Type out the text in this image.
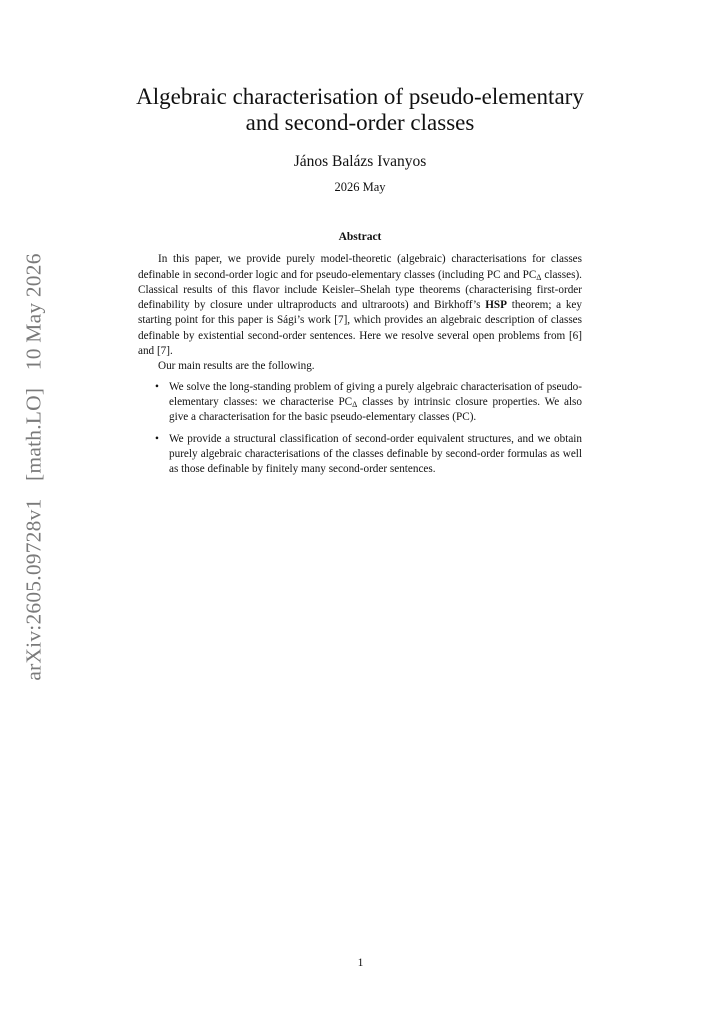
arXiv:2605.09728v1 [math.LO] 10 May 2026
Algebraic characterisation of pseudo-elementary
and second-order classes
János Balázs Ivanyos
2026 May
Abstract

In this paper, we provide purely model-theoretic (algebraic) characterisations for classes definable in second-order logic and for pseudo-elementary classes (including PC and $PC_\Delta$ classes). Classical results of this flavor include Keisler–Shelah type theorems (characterising first-order definability by closure under ultraproducts and ultraroots) and Birkhoff’s HSP theorem; a key starting point for this paper is Sági’s work [7], which provides an algebraic description of classes definable by existential second-order sentences. Here we resolve several open problems from [6] and [7].

Our main results are the following.

• We solve the long-standing problem of giving a purely algebraic characterisation of pseudo-elementary classes: we characterise $PC_\Delta$ classes by intrinsic closure properties. We also give a characterisation for the basic pseudo-elementary classes (PC).
• We provide a structural classification of second-order equivalent structures, and we obtain purely algebraic characterisations of the classes definable by second-order formulas as well as those definable by finitely many second-order sentences.
1
